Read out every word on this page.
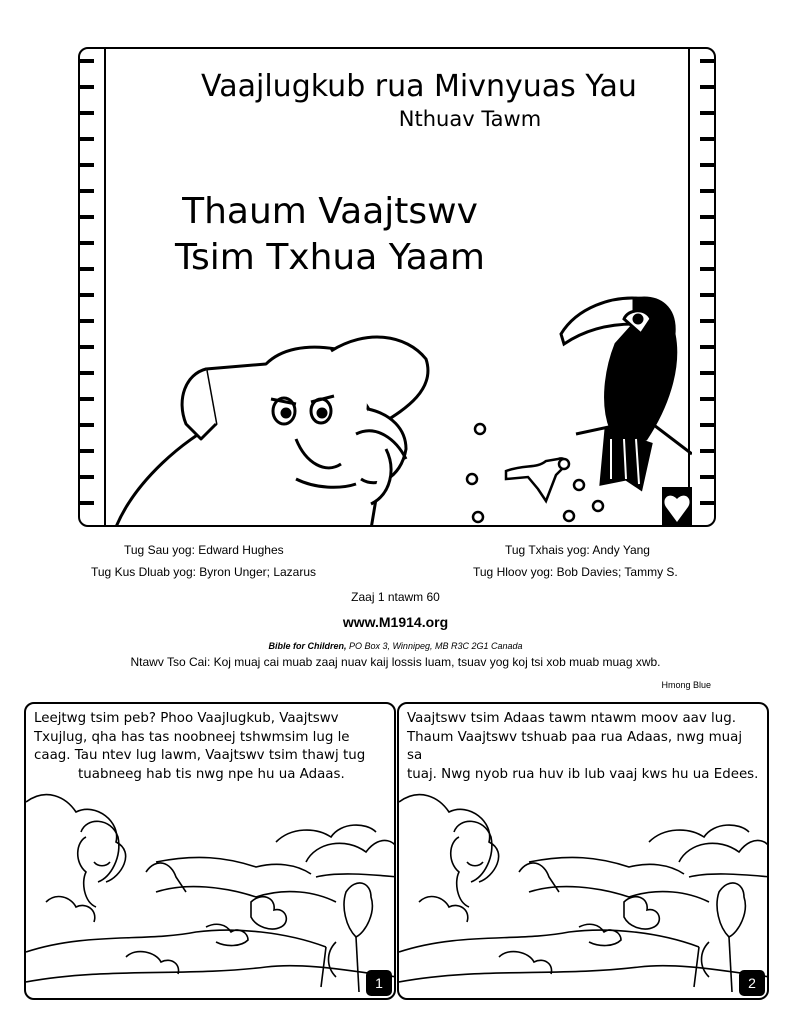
Vaajlugkub rua Mivnyuas Yau
Nthuav Tawm
Thaum Vaajtswv
Tsim Txhua Yaam
Tug Sau yog: Edward Hughes
Tug Kus Dluab yog: Byron Unger; Lazarus
Tug Txhais yog: Andy Yang
Tug Hloov yog: Bob Davies; Tammy S.
Zaaj 1 ntawm 60
www.M1914.org
Bible for Children, PO Box 3, Winnipeg, MB R3C 2G1 Canada
Ntawv Tso Cai: Koj muaj cai muab zaaj nuav kaij lossis luam, tsuav yog koj tsi xob muab muag xwb.
Hmong Blue
Leejtwg tsim peb? Phoo Vaajlugkub, Vaajtswv
Txujlug, qha has tas noobneej tshwmsim lug le
caag. Tau ntev lug lawm, Vaajtswv tsim thawj tug
tuabneeg hab tis nwg npe hu ua Adaas.
1
Vaajtswv tsim Adaas tawm ntawm moov aav lug.
Thaum Vaajtswv tshuab paa rua Adaas, nwg muaj sa
tuaj. Nwg nyob rua huv ib lub vaaj kws hu ua Edees.
2
